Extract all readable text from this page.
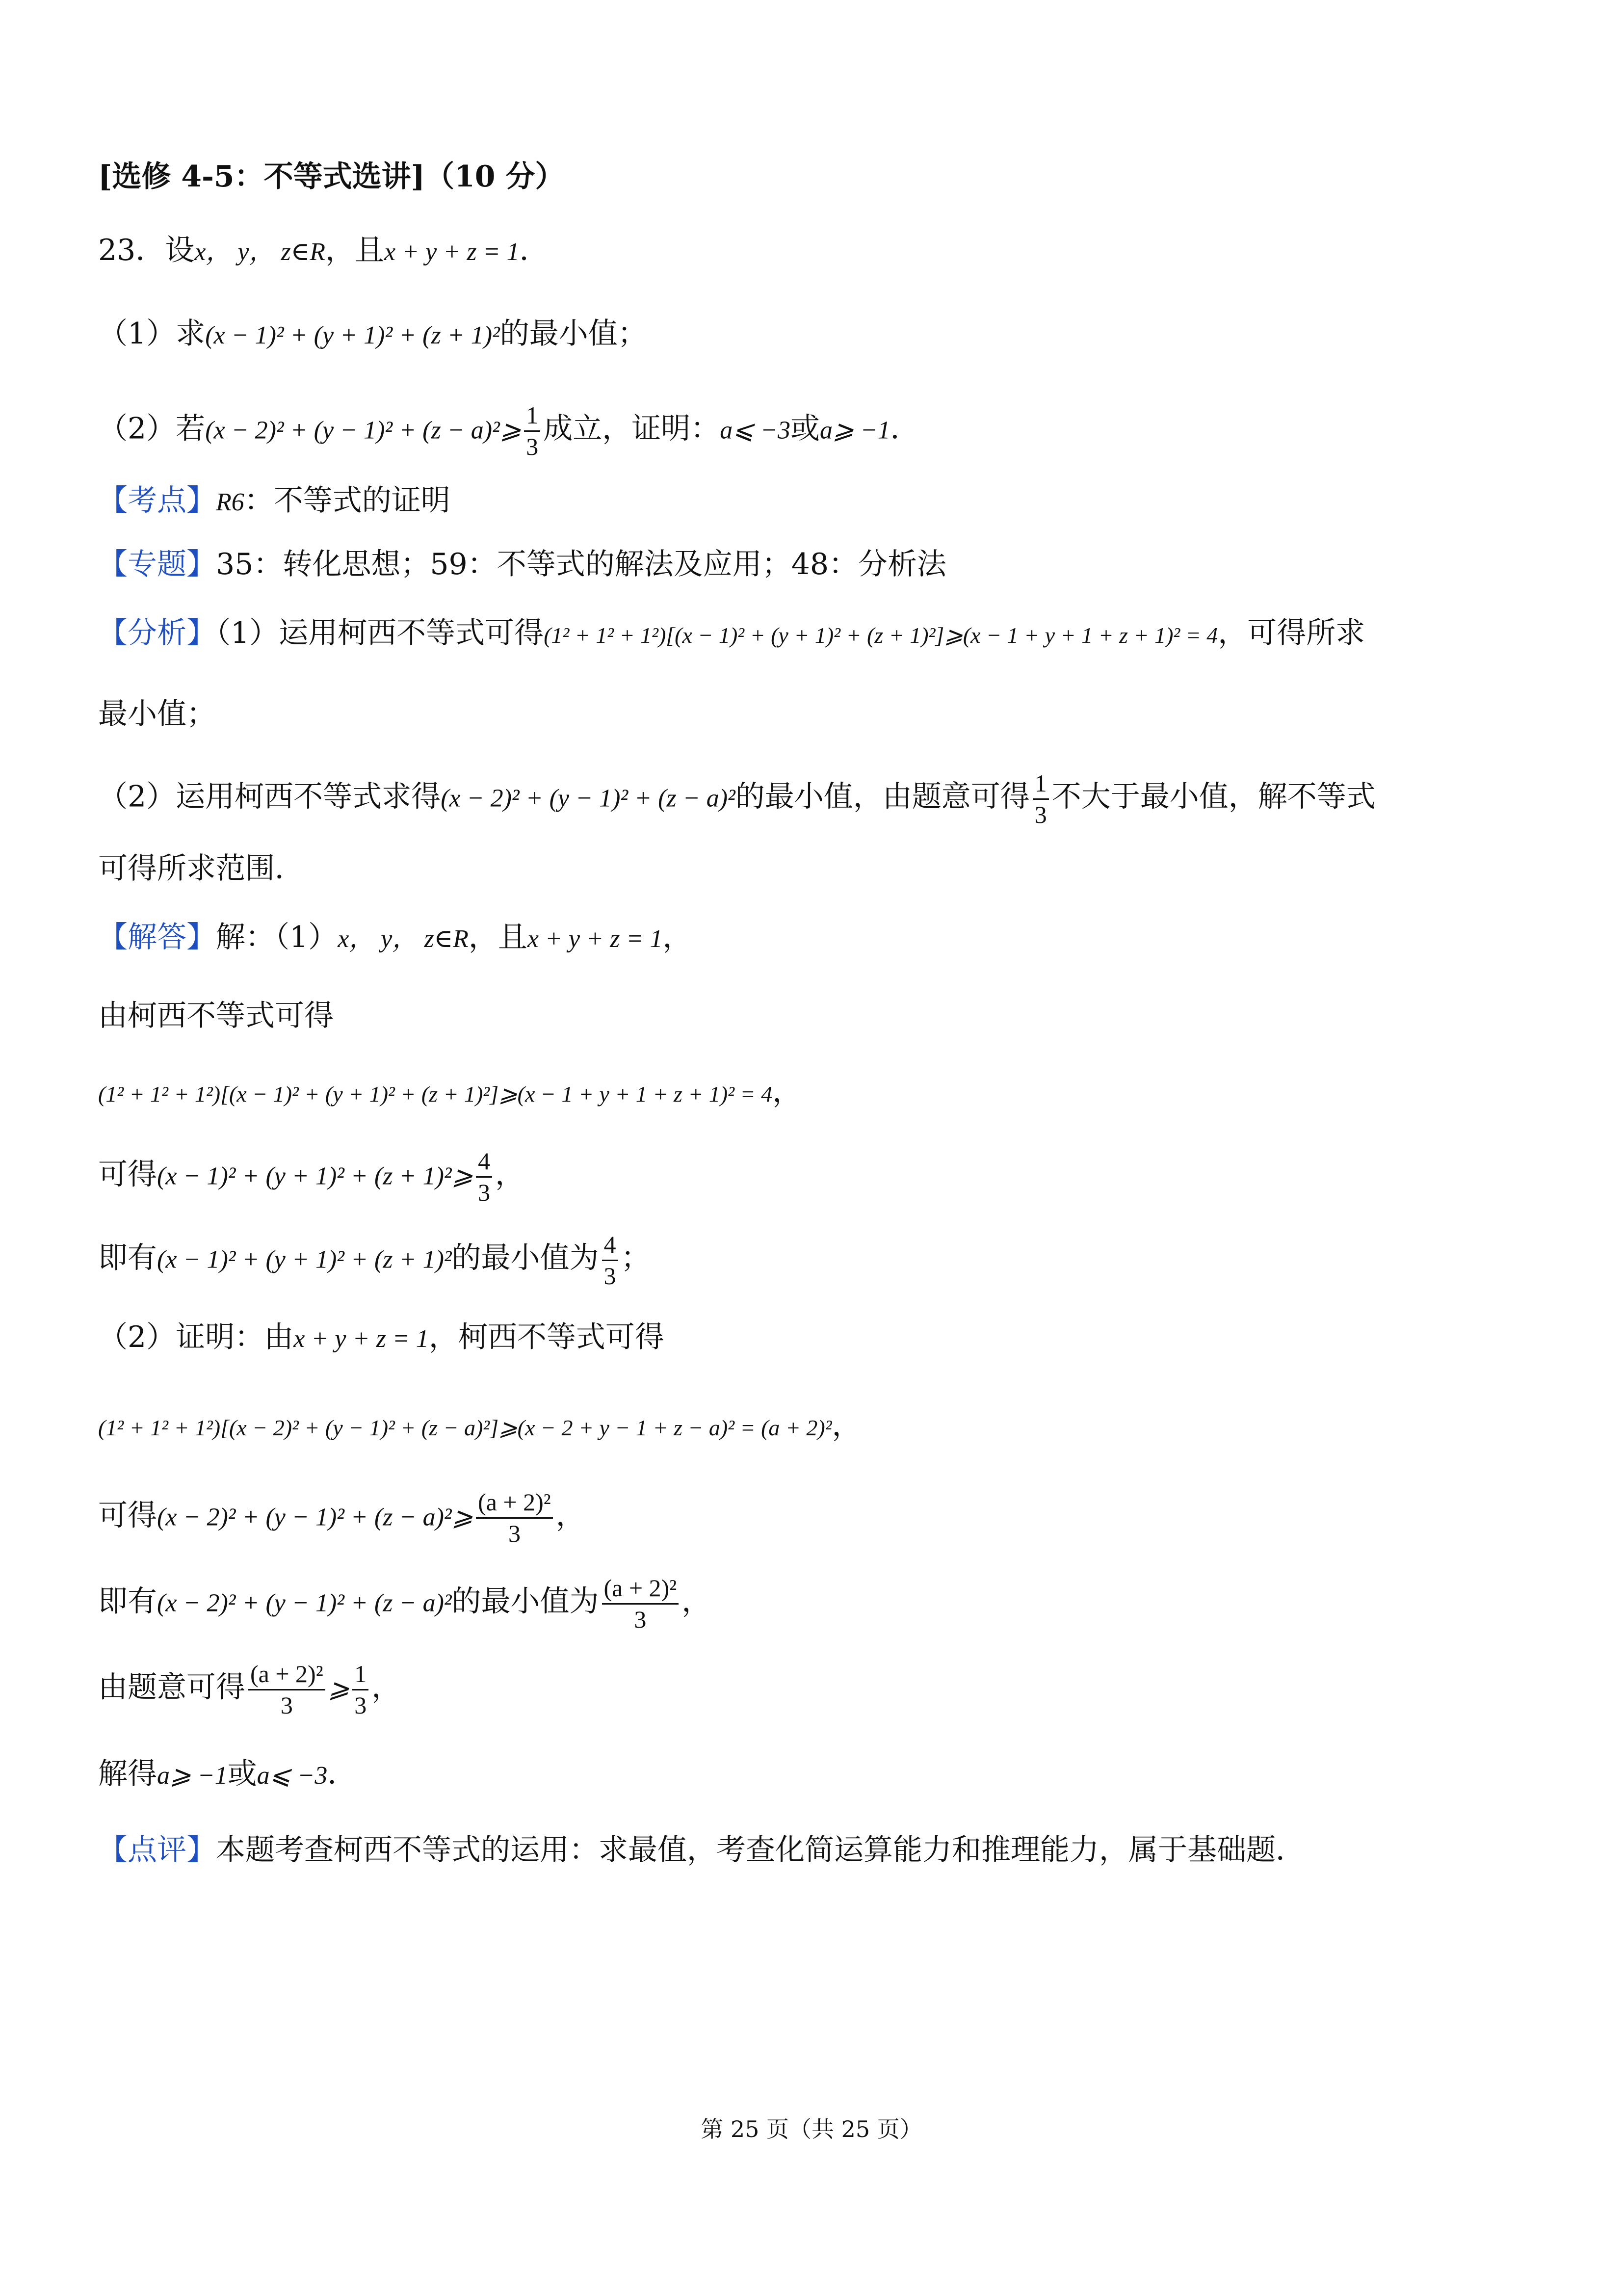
[选修 4-5：不等式选讲]（10 分）
23．设x， y， z∈R，且x + y + z = 1．
（1）求(x − 1)² + (y + 1)² + (z + 1)²的最小值；
（2）若(x − 2)² + (y − 1)² + (z − a)²⩾ $\frac{1}{3}$ 成立，证明：a⩽ −3或a⩾ −1．
【考点】R6：不等式的证明
【专题】35：转化思想；59：不等式的解法及应用；48：分析法
【分析】（1）运用柯西不等式可得(1² + 1² + 1²)[(x − 1)² + (y + 1)² + (z + 1)²]⩾(x − 1 + y + 1 + z + 1)² = 4，可得所求
最小值；
（2）运用柯西不等式求得(x − 2)² + (y − 1)² + (z − a)²的最小值，由题意可得 $\frac{1}{3}$ 不大于最小值，解不等式
可得所求范围．
【解答】解：（1）x， y， z∈R，且x + y + z = 1，
由柯西不等式可得
(1² + 1² + 1²)[(x − 1)² + (y + 1)² + (z + 1)²]⩾(x − 1 + y + 1 + z + 1)² = 4，
可得(x − 1)² + (y + 1)² + (z + 1)²⩾ $\frac{4}{3}$ ，
即有(x − 1)² + (y + 1)² + (z + 1)²的最小值为 $\frac{4}{3}$ ；
（2）证明：由x + y + z = 1，柯西不等式可得
(1² + 1² + 1²)[(x − 2)² + (y − 1)² + (z − a)²]⩾(x − 2 + y − 1 + z − a)² = (a + 2)²，
可得(x − 2)² + (y − 1)² + (z − a)²⩾ $\frac{\text{(a + 2)²}}{3}$ ，
即有(x − 2)² + (y − 1)² + (z − a)²的最小值为 $\frac{\text{(a + 2)²}}{3}$ ，
由题意可得 $\frac{\text{(a + 2)²}}{3}$ ⩾ $\frac{1}{3}$ ，
解得a⩾ −1或a⩽ −3．
【点评】本题考查柯西不等式的运用：求最值，考查化简运算能力和推理能力，属于基础题．
第 25 页（共 25 页）
